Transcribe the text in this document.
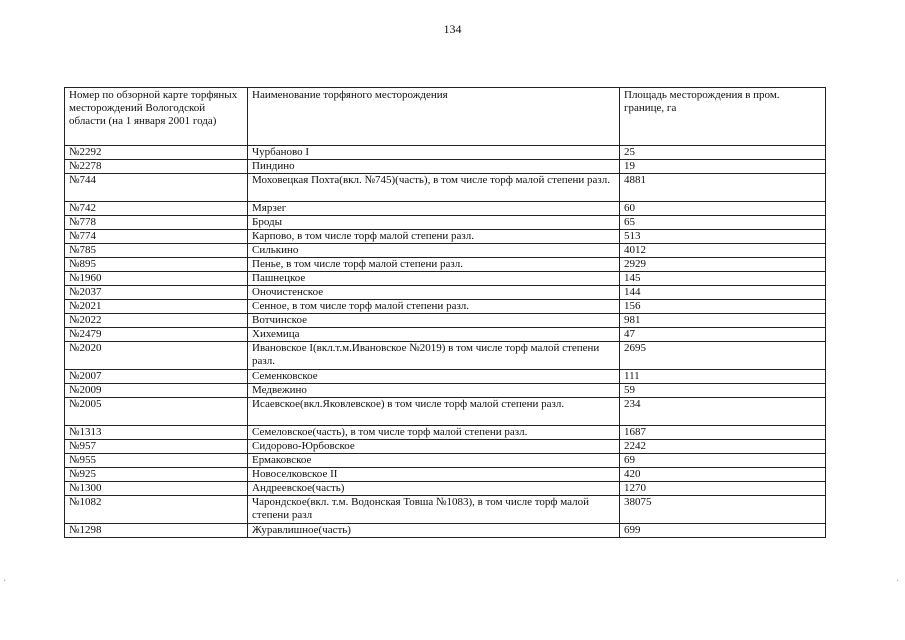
134
Номер по обзорной карте торфяных месторождений Вологодской области (на 1 января 2001 года)	Наименование торфяного месторождения	Площадь месторождения в пром. границе, га
№2292	Чурбаново I	25
№2278	Пиндино	19
№744	Моховецкая Похта(вкл. №745)(часть), в том числе торф малой степени разл.	4881
№742	Мярзег	60
№778	Броды	65
№774	Карпово, в том числе торф малой степени разл.	513
№785	Силькино	4012
№895	Пенье, в том числе торф малой степени разл.	2929
№1960	Пашнецкое	145
№2037	Оночистенское	144
№2021	Сенное, в том числе торф малой степени разл.	156
№2022	Вотчинское	981
№2479	Хихемица	47
№2020	Ивановское I(вкл.т.м.Ивановское №2019) в том числе торф малой степени разл.	2695
№2007	Семенковское	111
№2009	Медвежино	59
№2005	Исаевское(вкл.Яковлевское) в том числе торф малой степени разл.	234
№1313	Семеловское(часть), в том числе торф малой степени разл.	1687
№957	Сидорово-Юрбовское	2242
№955	Ермаковское	69
№925	Новоселковское II	420
№1300	Андреевское(часть)	1270
№1082	Чарондское(вкл. т.м. Водонская Товша №1083), в том числе торф малой степени разл	38075
№1298	Журавлишное(часть)	699
·	·
